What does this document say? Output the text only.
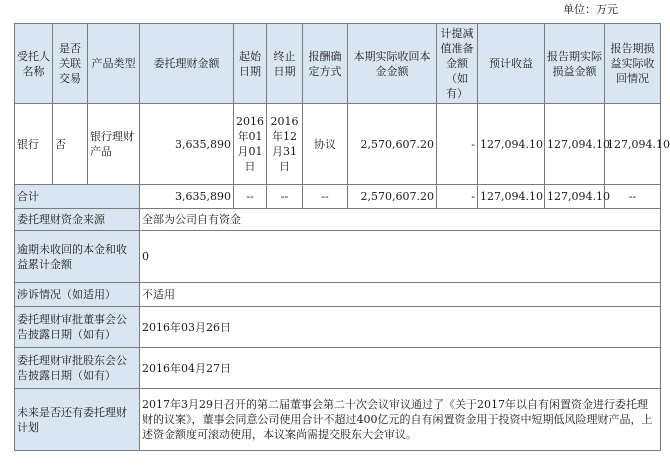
单位：万元
受托人名称	是否关联交易	产品类型	委托理财金额	起始日期	终止日期	报酬确定方式	本期实际收回本金金额	计提减值准备金额（如有）	预计收益	报告期实际损益金额	报告期损益实际收回情况
银行	否	银行理财产品	3,635,890	2016年01月01日	2016年12月31日	协议	2,570,607.20	-	127,094.10	127,094.10	127,094.10
合计			3,635,890	--	--	--	2,570,607.20	-	127,094.10	127,094.10	--
委托理财资金来源			全部为公司自有资金								
逾期未收回的本金和收益累计金额			0								
涉诉情况（如适用）			不适用								
委托理财审批董事会公告披露日期（如有）			2016年03月26日								
委托理财审批股东会公告披露日期（如有）			2016年04月27日								
未来是否还有委托理财计划			2017年3月29日召开的第二届董事会第二十次会议审议通过了《关于2017年以自有闲置资金进行委托理财的议案》，董事会同意公司使用合计不超过400亿元的自有闲置资金用于投资中短期低风险理财产品，上述资金额度可滚动使用，本议案尚需提交股东大会审议。								
